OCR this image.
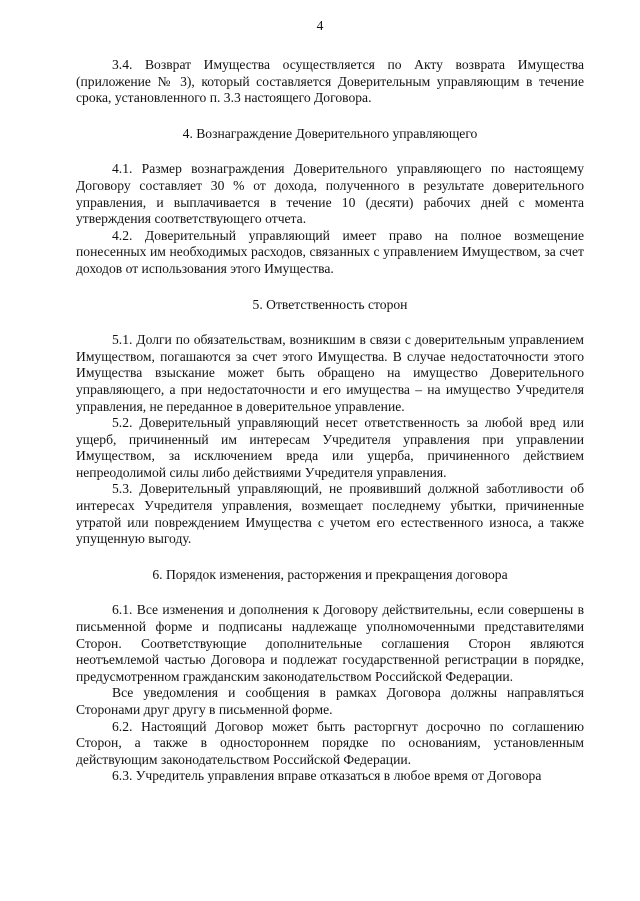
4

3.4. Возврат Имущества осуществляется по Акту возврата Имущества (приложение № 3), который составляется Доверительным управляющим в течение срока, установленного п. 3.3 настоящего Договора.

4. Вознаграждение Доверительного управляющего

4.1. Размер вознаграждения Доверительного управляющего по настоящему Договору составляет 30 % от дохода, полученного в результате доверительного управления, и выплачивается в течение 10 (десяти) рабочих дней с момента утверждения соответствующего отчета.

4.2. Доверительный управляющий имеет право на полное возмещение понесенных им необходимых расходов, связанных с управлением Имуществом, за счет доходов от использования этого Имущества.

5. Ответственность сторон

5.1. Долги по обязательствам, возникшим в связи с доверительным управлением Имуществом, погашаются за счет этого Имущества. В случае недостаточности этого Имущества взыскание может быть обращено на имущество Доверительного управляющего, а при недостаточности и его имущества – на имущество Учредителя управления, не переданное в доверительное управление.

5.2. Доверительный управляющий несет ответственность за любой вред или ущерб, причиненный им интересам Учредителя управления при управлении Имуществом, за исключением вреда или ущерба, причиненного действием непреодолимой силы либо действиями Учредителя управления.

5.3. Доверительный управляющий, не проявивший должной заботливости об интересах Учредителя управления, возмещает последнему убытки, причиненные утратой или повреждением Имущества с учетом его естественного износа, а также упущенную выгоду.

6. Порядок изменения, расторжения и прекращения договора

6.1. Все изменения и дополнения к Договору действительны, если совершены в письменной форме и подписаны надлежаще уполномоченными представителями Сторон. Соответствующие дополнительные соглашения Сторон являются неотъемлемой частью Договора и подлежат государственной регистрации в порядке, предусмотренном гражданским законодательством Российской Федерации.

Все уведомления и сообщения в рамках Договора должны направляться Сторонами друг другу в письменной форме.

6.2. Настоящий Договор может быть расторгнут досрочно по соглашению Сторон, а также в одностороннем порядке по основаниям, установленным действующим законодательством Российской Федерации.

6.3. Учредитель управления вправе отказаться в любое время от Договора
